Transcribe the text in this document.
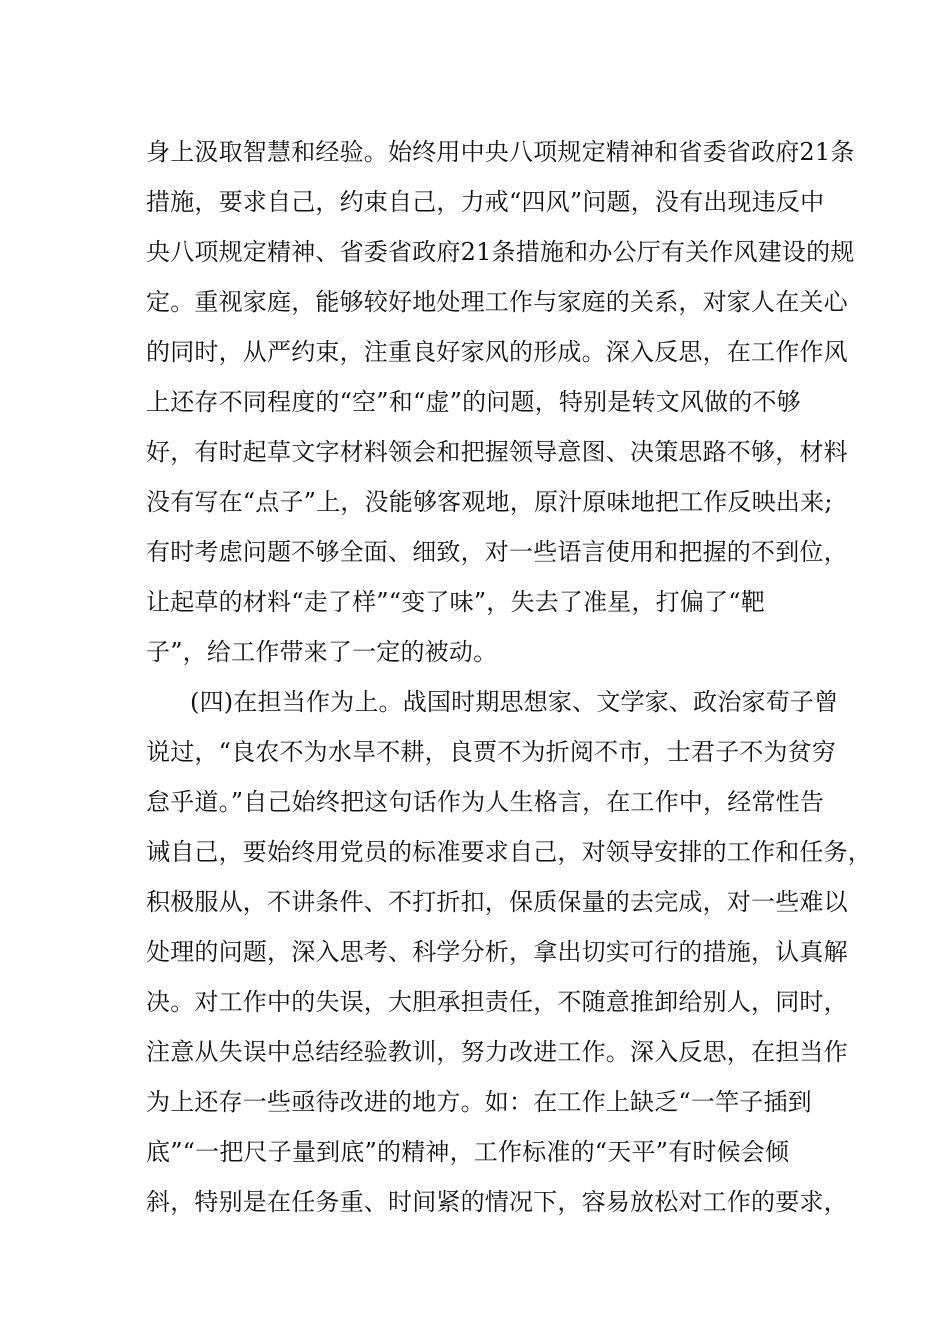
身上汲取智慧和经验。始终用中央八项规定精神和省委省政府21条
措施，要求自己，约束自己，力戒“四风”问题，没有出现违反中
央八项规定精神、省委省政府21条措施和办公厅有关作风建设的规
定。重视家庭，能够较好地处理工作与家庭的关系，对家人在关心
的同时，从严约束，注重良好家风的形成。深入反思，在工作作风
上还存不同程度的“空”和“虚”的问题，特别是转文风做的不够
好，有时起草文字材料领会和把握领导意图、决策思路不够，材料
没有写在“点子”上，没能够客观地，原汁原味地把工作反映出来;
有时考虑问题不够全面、细致，对一些语言使用和把握的不到位，
让起草的材料“走了样”“变了味”，失去了准星，打偏了“靶
子”，给工作带来了一定的被动。
(四)在担当作为上。战国时期思想家、文学家、政治家荀子曾
说过，“良农不为水旱不耕，良贾不为折阅不市，士君子不为贫穷
怠乎道。”自己始终把这句话作为人生格言，在工作中，经常性告
诫自己，要始终用党员的标准要求自己，对领导安排的工作和任务，
积极服从，不讲条件、不打折扣，保质保量的去完成，对一些难以
处理的问题，深入思考、科学分析，拿出切实可行的措施，认真解
决。对工作中的失误，大胆承担责任，不随意推卸给别人，同时，
注意从失误中总结经验教训，努力改进工作。深入反思，在担当作
为上还存一些亟待改进的地方。如：在工作上缺乏“一竿子插到
底”“一把尺子量到底”的精神，工作标准的“天平”有时候会倾
斜，特别是在任务重、时间紧的情况下，容易放松对工作的要求，
